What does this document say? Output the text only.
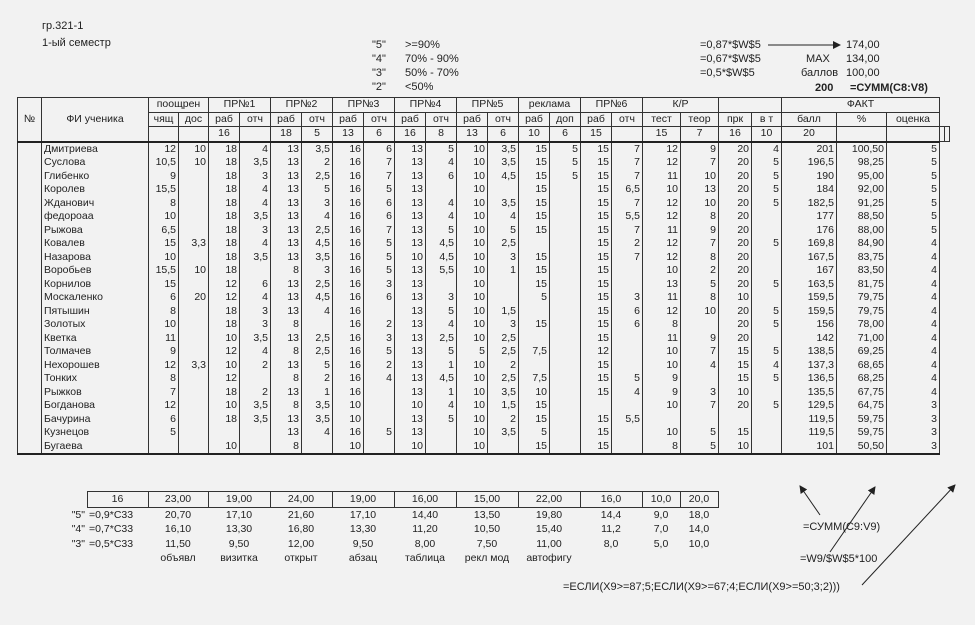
гр.321-1
1-ый семестр	"5" >=90%
"4" 70% - 90%
"3" 50% - 70%
"2" <50%
=0,87*$W$5	174,00
=0,67*$W$5	MAX 134,00
=0,5*$W$5	баллов 100,00
200 =СУММ(C8:V8)
№	ФИ ученика	поощрен		ПР№1		ПР№2		ПР№3		ПР№4		ПР№5		реклама		ПР№6		К/Р				ФАКТ				
		чящ	доc	раб	отч	раб	отч	раб	отч	раб	отч	раб	отч	раб	доп	раб	отч	тест	теор	прк	в т	балл	%	оценка		
				16		18	5	13	6	16	8	13	6	10	6	15		15	7	16	10	20				
	Дмитриева	12	10	18	4	13	3,5	16	6	13	5	10	3,5	15	5	15	7	12	9	20	4	201	100,50	5		
	Суслова	10,5	10	18	3,5	13	2	16	7	13	4	10	3,5	15	5	15	7	12	7	20	5	196,5	98,25	5		
	Глибенко	9		18	3	13	2,5	16	7	13	6	10	4,5	15	5	15	7	11	10	20	5	190	95,00	5		
	Королев	15,5		18	4	13	5	16	5	13		10		15		15	6,5	10	13	20	5	184	92,00	5		
	Жданович	8		18	4	13	3	16	6	13	4	10	3,5	15		15	7	12	10	20	5	182,5	91,25	5		
	федороаа	10		18	3,5	13	4	16	6	13	4	10	4	15		15	5,5	12	8	20		177	88,50	5		
	Рыжова	6,5		18	3	13	2,5	16	7	13	5	10	5	15		15	7	11	9	20		176	88,00	5		
	Ковалев	15	3,3	18	4	13	4,5	16	5	13	4,5	10	2,5			15	2	12	7	20	5	169,8	84,90	4		
	Назарова	10		18	3,5	13	3,5	16	5	10	4,5	10	3	15		15	7	12	8	20		167,5	83,75	4		
	Воробьев	15,5	10	18		8	3	16	5	13	5,5	10	1	15		15		10	2	20		167	83,50	4		
	Корнилов	15		12	6	13	2,5	16	3	13		10		15		15		13	5	20	5	163,5	81,75	4		
	Москаленко	6	20	12	4	13	4,5	16	6	13	3	10		5		15	3	11	8	10		159,5	79,75	4		
	Пятышин	8		18	3	13	4	16		13	5	10	1,5			15	6	12	10	20	5	159,5	79,75	4		
	Золотых	10		18	3	8		16	2	13	4	10	3	15		15	6	8		20	5	156	78,00	4		
	Кветка	11		10	3,5	13	2,5	16	3	13	2,5	10	2,5			15		11	9	20		142	71,00	4		
	Толмачев	9		12	4	8	2,5	16	5	13	5	5	2,5	7,5		12		10	7	15	5	138,5	69,25	4		
	Нехорошев	12	3,3	10	2	13	5	16	2	13	1	10	2			15		10	4	15	4	137,3	68,65	4		
	Тонких	8		12		8	2	16	4	13	4,5	10	2,5	7,5		15	5	9		15	5	136,5	68,25	4		
	Рыжков	7		18	2	13	1	16		13	1	10	3,5	10		15	4	9	3	10		135,5	67,75	4		
	Богданова	12		10	3,5	8	3,5	10		10	4	10	1,5	15				10	7	20	5	129,5	64,75	3		
	Бачурина	6		18	3,5	13	3,5	10		13	5	10	2	15		15	5,5					119,5	59,75	3		
	Кузнецов	5				13	4	16	5	13		10	3,5	5		15		10	5	15		119,5	59,75	3		
	Бугаева			10		8		10		10		10		15		15		8	5	10		101	50,50	3		
	16	23,00	19,00	24,00	19,00	16,00	15,00	22,00	16,0	10,0	20,0
"5"	=0,9*C33	20,70	17,10	21,60	17,10	14,40	13,50	19,80	14,4	9,0	18,0
"4"	=0,7*C33	16,10	13,30	16,80	13,30	11,20	10,50	15,40	11,2	7,0	14,0
"3"	=0,5*C33	11,50	9,50	12,00	9,50	8,00	7,50	11,00	8,0	5,0	10,0
		объявл	визитка	открыт	абзац	таблица	рекл мод	автофигу			
=СУММ(C9:V9)
=W9/$W$5*100
=ЕСЛИ(X9>=87;5;ЕСЛИ(X9>=67;4;ЕСЛИ(X9>=50;3;2)))
